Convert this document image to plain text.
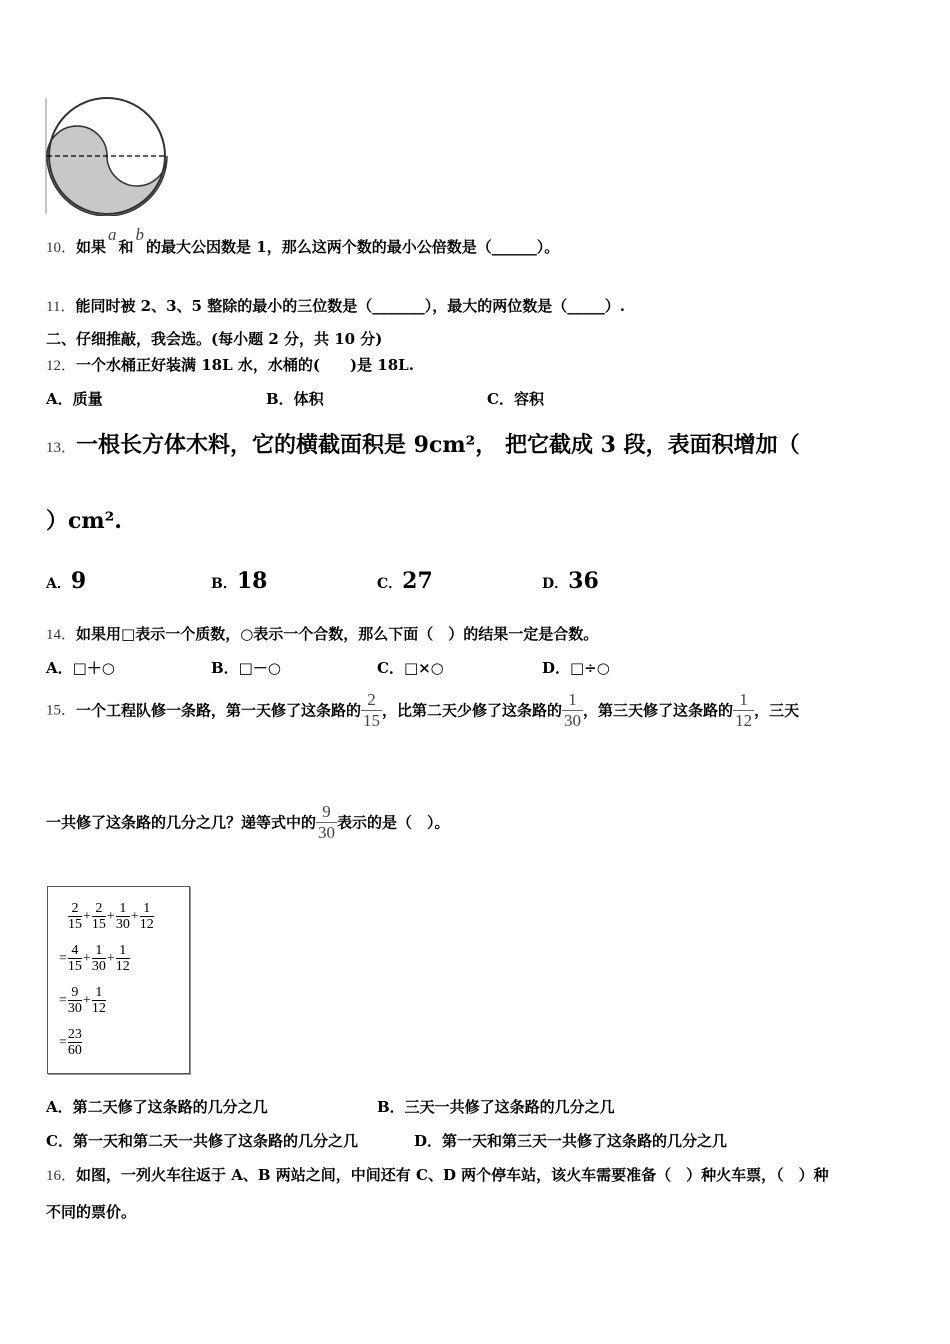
10．如果a和b的最大公因数是 1，那么这两个数的最小公倍数是（______）。
11．能同时被 2、3、5 整除的最小的三位数是（_______），最大的两位数是（_____）.
二、仔细推敲，我会选。(每小题 2 分，共 10 分)
12．一个水桶正好装满 18L 水，水桶的(　　)是 18L.
A．质量	B．体积	C．容积
13．一根长方体木料，它的横截面积是 9cm²， 把它截成 3 段，表面积增加（
）cm².
A．9	B．18	C．27	D．36
14．如果用□表示一个质数，○表示一个合数，那么下面（　）的结果一定是合数。
A．□＋○	B．□－○	C．□×○	D．□÷○
15．一个工程队修一条路，第一天修了这条路的 $\frac{2}{15}$ ，比第二天少修了这条路的 $\frac{1}{30}$ ，第三天修了这条路的 $\frac{1}{12}$ ，三天
一共修了这条路的几分之几？递等式中的 $\frac{9}{30}$ 表示的是（　）。
$\frac{2}{15} + \frac{2}{15} + \frac{1}{30} + \frac{1}{12}$
= $\frac{4}{15} + \frac{1}{30} + \frac{1}{12}$
= $\frac{9}{30} + \frac{1}{12}$
= $\frac{23}{60}$
A．第二天修了这条路的几分之几	B．三天一共修了这条路的几分之几
C．第一天和第二天一共修了这条路的几分之几	D．第一天和第三天一共修了这条路的几分之几
16．如图，一列火车往返于 A、B 两站之间，中间还有 C、D 两个停车站，该火车需要准备（　）种火车票，（　）种
不同的票价。
